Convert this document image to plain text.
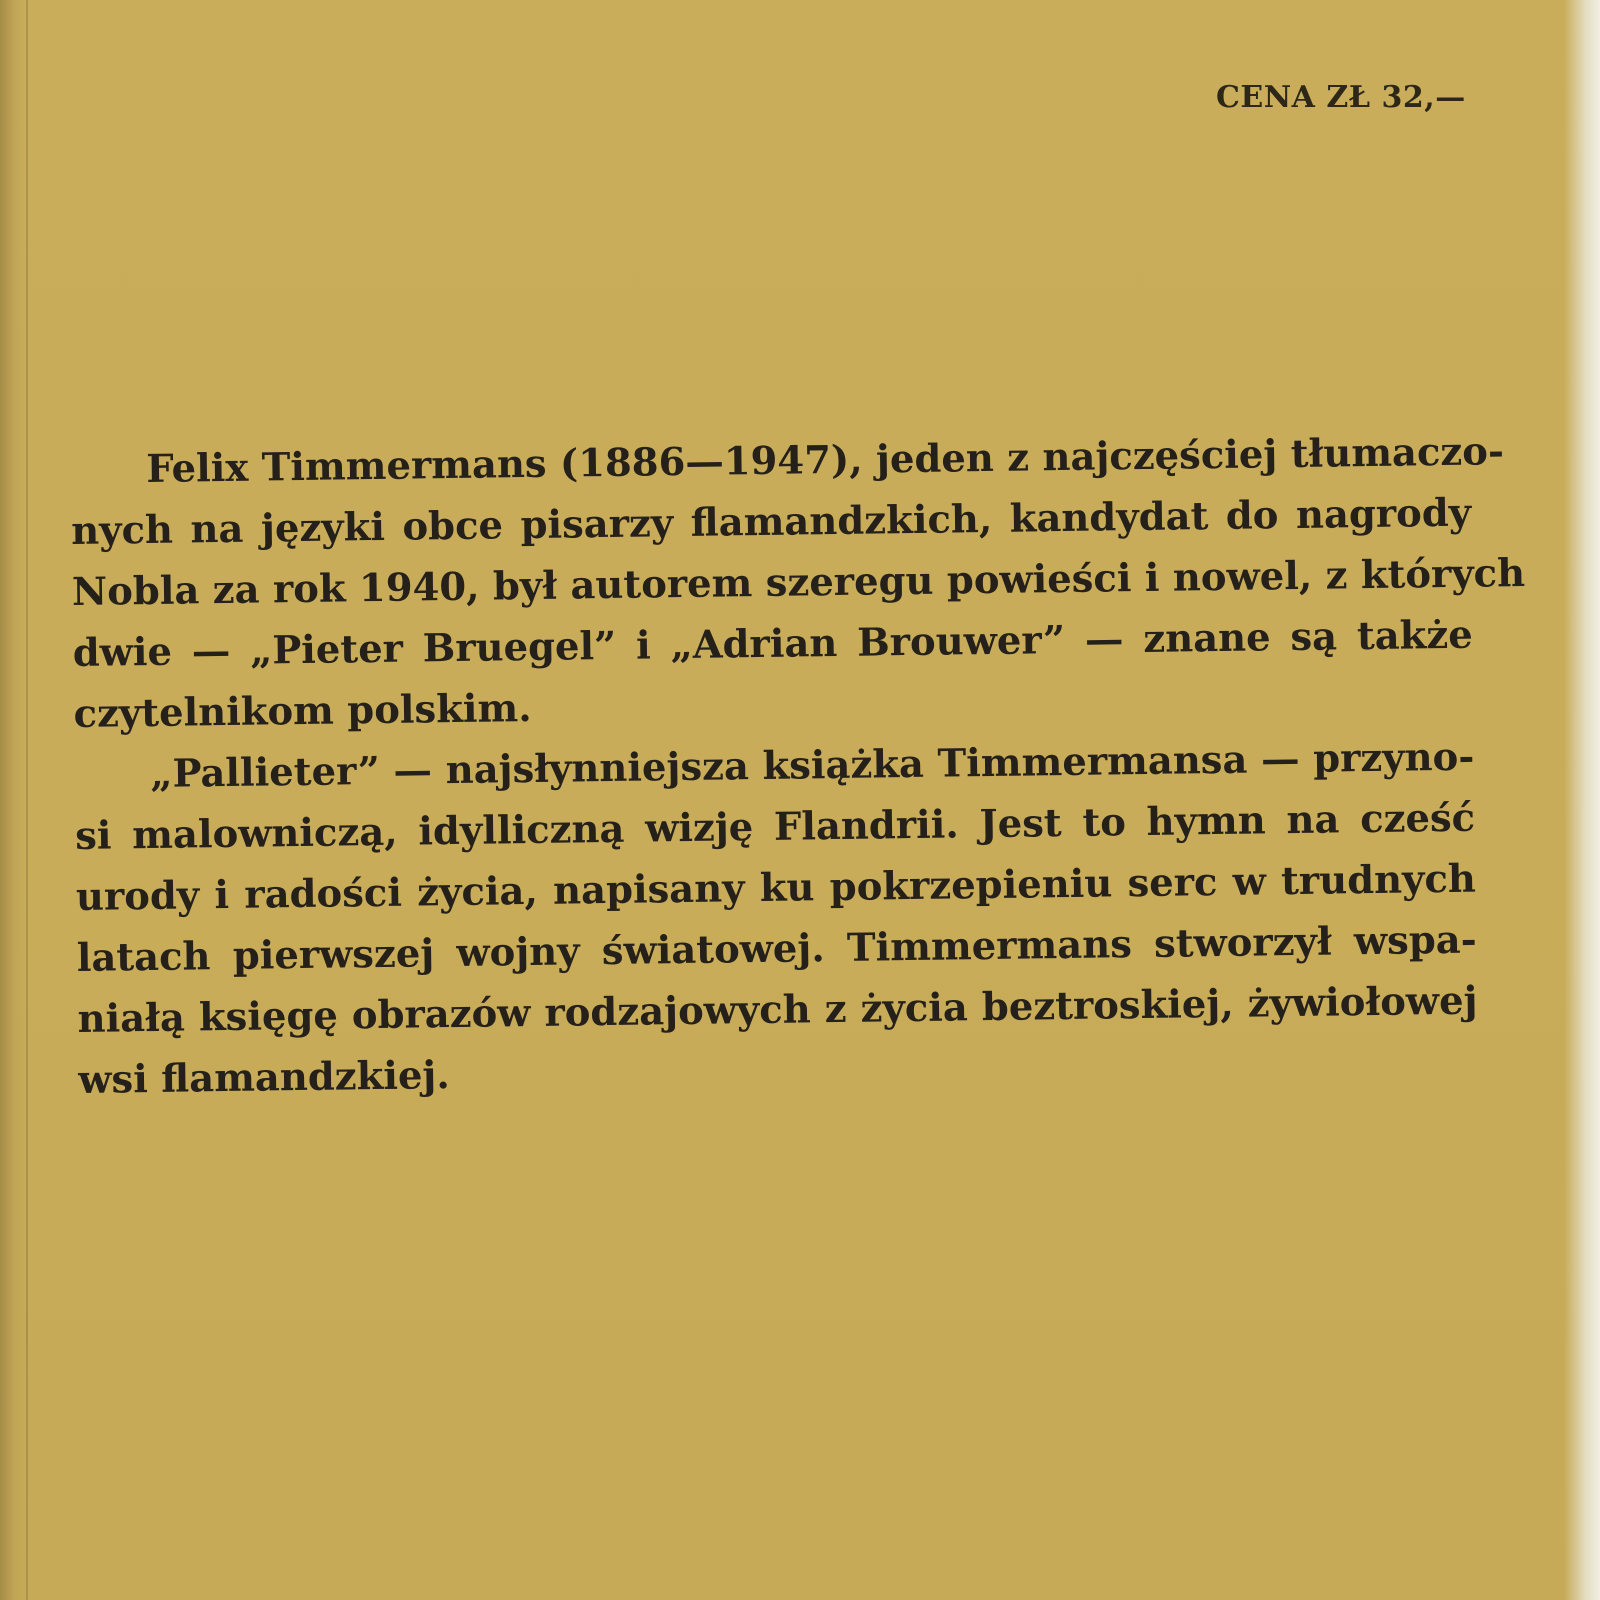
CENA ZŁ 32,—
Felix Timmermans (1886—1947), jeden z najczęściej tłumaczo-
nych na języki obce pisarzy flamandzkich, kandydat do nagrody
Nobla za rok 1940, był autorem szeregu powieści i nowel, z których
dwie — „Pieter Bruegel” i „Adrian Brouwer” — znane są także
czytelnikom polskim.
„Pallieter” — najsłynniejsza książka Timmermansa — przyno-
si malowniczą, idylliczną wizję Flandrii. Jest to hymn na cześć
urody i radości życia, napisany ku pokrzepieniu serc w trudnych
latach pierwszej wojny światowej. Timmermans stworzył wspa-
niałą księgę obrazów rodzajowych z życia beztroskiej, żywiołowej
wsi flamandzkiej.
